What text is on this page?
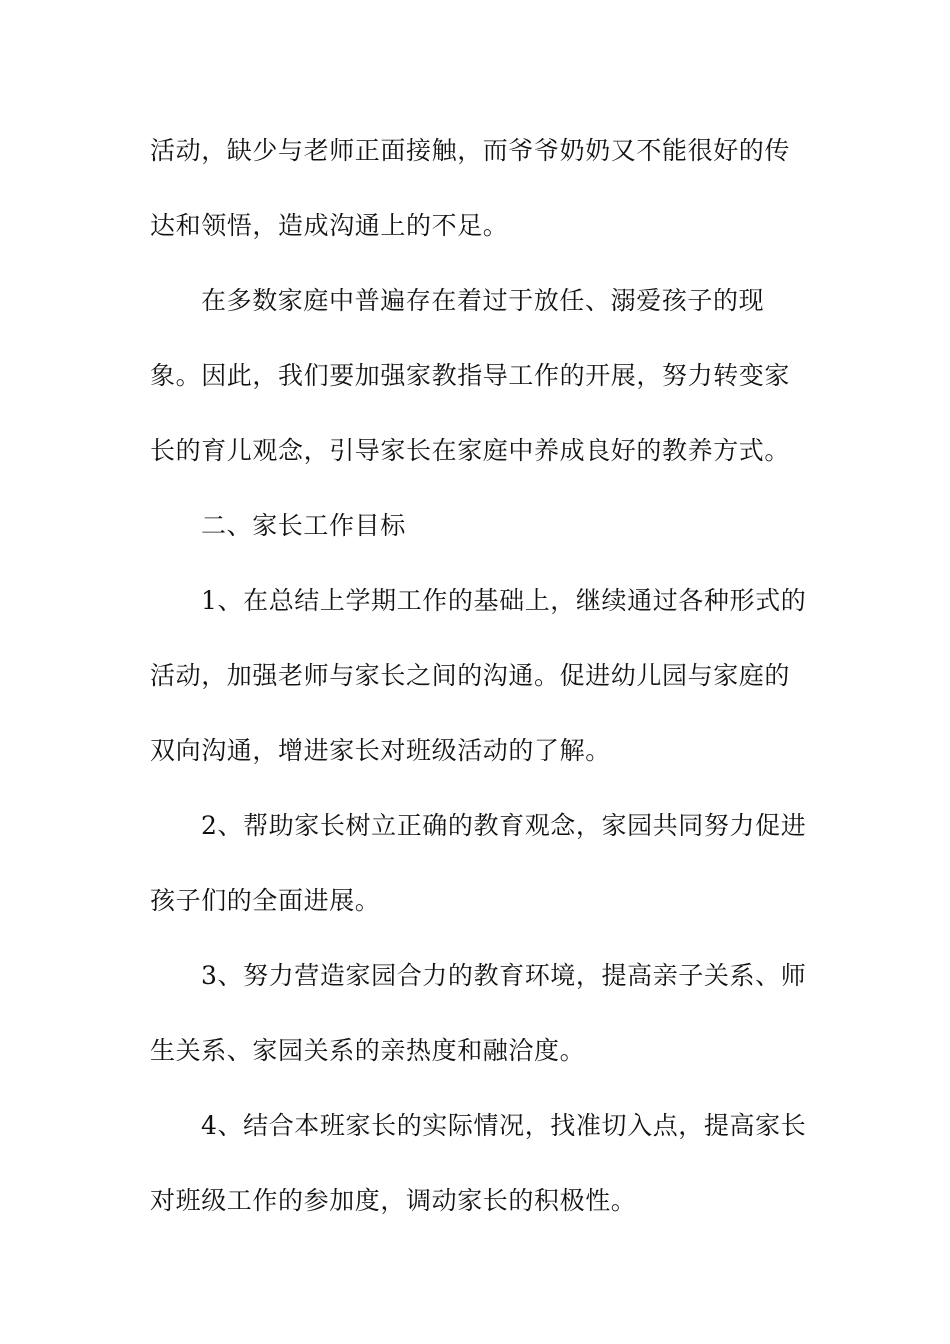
活动，缺少与老师正面接触，而爷爷奶奶又不能很好的传

达和领悟，造成沟通上的不足。

在多数家庭中普遍存在着过于放任、溺爱孩子的现

象。因此，我们要加强家教指导工作的开展，努力转变家

长的育儿观念，引导家长在家庭中养成良好的教养方式。

二、家长工作目标

1、在总结上学期工作的基础上，继续通过各种形式的

活动，加强老师与家长之间的沟通。促进幼儿园与家庭的

双向沟通，增进家长对班级活动的了解。

2、帮助家长树立正确的教育观念，家园共同努力促进

孩子们的全面进展。

3、努力营造家园合力的教育环境，提高亲子关系、师

生关系、家园关系的亲热度和融洽度。

4、结合本班家长的实际情况，找准切入点，提高家长

对班级工作的参加度，调动家长的积极性。
